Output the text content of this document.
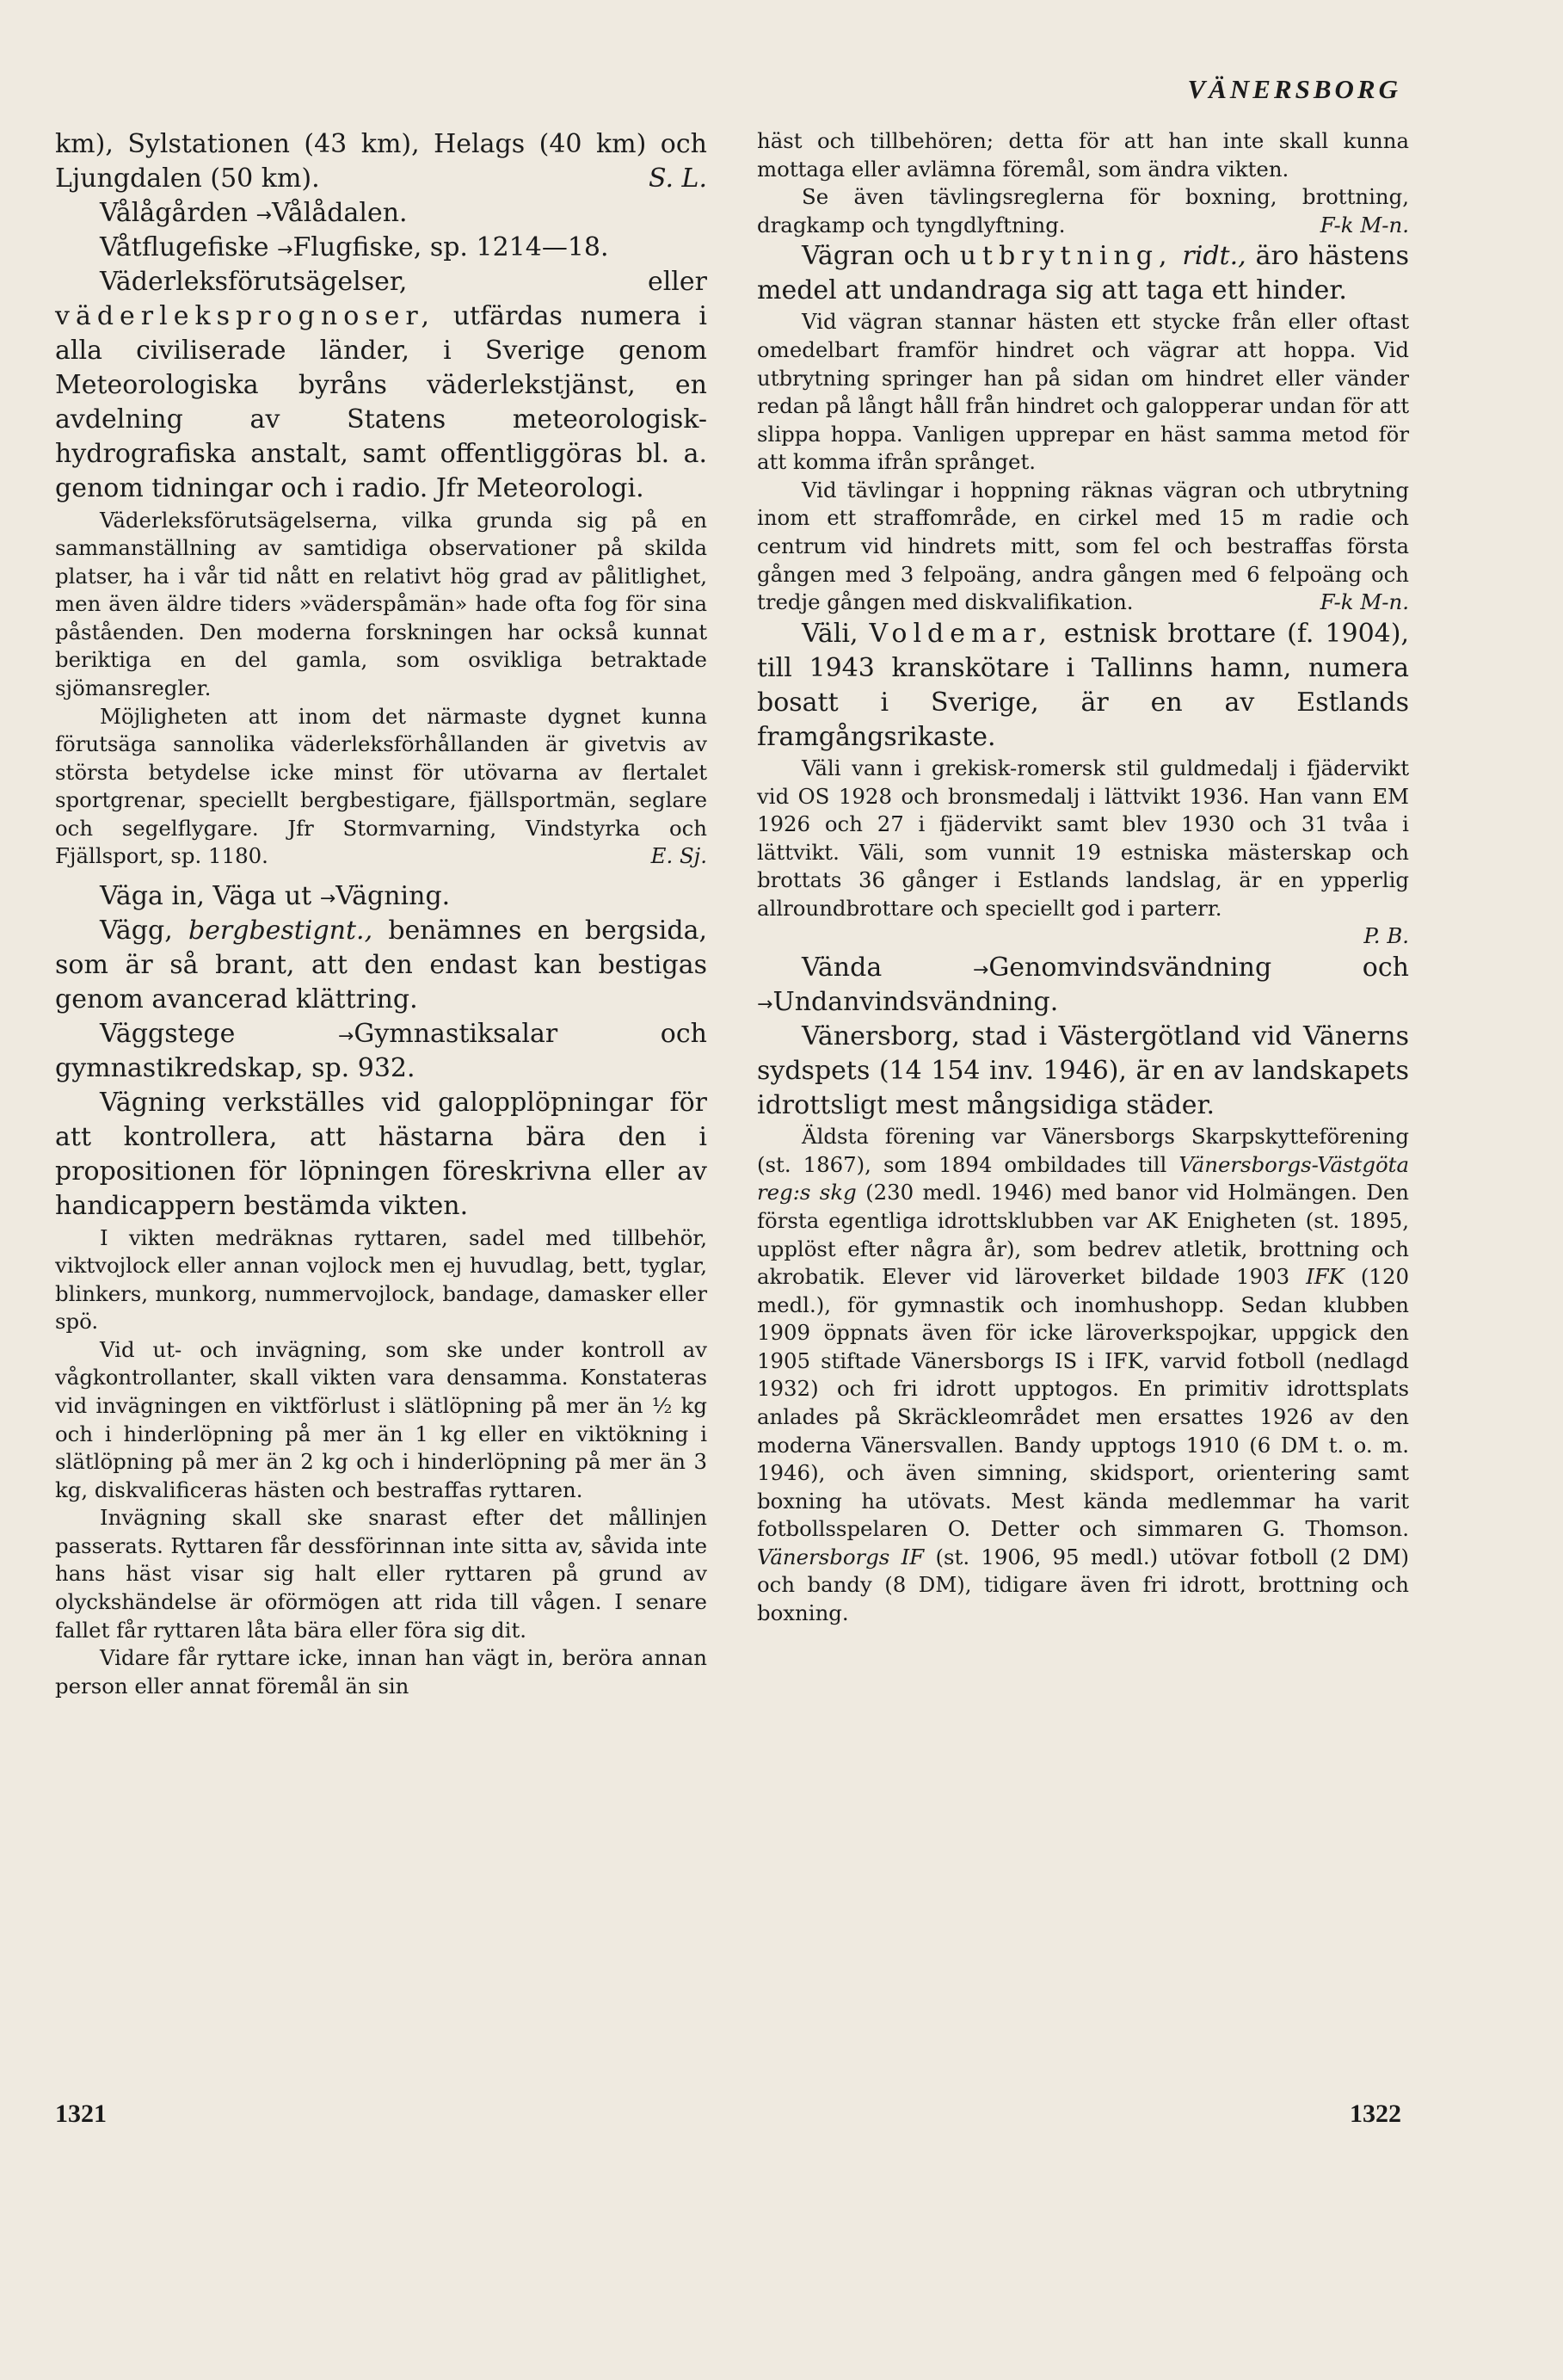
VÄNERSBORG

km), Sylstationen (43 km), Helags (40 km) och Ljungdalen (50 km).	S. L.

Vålågården →Vålådalen.

Våtflugefiske →Flugfiske, sp. 1214—18.

Väderleksförutsägelser,	eller väderleksprognoser, utfärdas numera i alla civiliserade länder, i Sverige genom Meteorologiska byråns väderlekstjänst, en avdelning av Statens meteorologisk-hydrografiska anstalt, samt offentliggöras bl. a. genom tidningar och i radio. Jfr Meteorologi.

Väderleksförutsägelserna, vilka grunda sig på en sammanställning av samtidiga observationer på skilda platser, ha i vår tid nått en relativt hög grad av pålitlighet, men även äldre tiders »väderspåmän» hade ofta fog för sina påståenden. Den moderna forskningen har också kunnat beriktiga en del gamla, som osvikliga betraktade sjömansregler.

Möjligheten att inom det närmaste dygnet kunna förutsäga sannolika väderleksförhållanden är givetvis av största betydelse icke minst för utövarna av flertalet sportgrenar, speciellt bergbestigare, fjällsportmän, seglare och segelflygare. Jfr Stormvarning, Vindstyrka och Fjällsport, sp. 1180.	E. Sj.

Väga in, Väga ut →Vägning.

Vägg, bergbestignt., benämnes en bergsida, som är så brant, att den endast kan bestigas genom avancerad klättring.

Väggstege	→Gymnastiksalar och gymnastikredskap, sp. 932.

Vägning verkställes vid galopplöpningar för att kontrollera, att hästarna bära den i propositionen för löpningen föreskrivna eller av handicappern bestämda vikten.

I vikten medräknas ryttaren, sadel med tillbehör, viktvojlock eller annan vojlock men ej huvudlag, bett, tyglar, blinkers, munkorg, nummervojlock, bandage, damasker eller spö.

Vid ut- och invägning, som ske under kontroll av vågkontrollanter, skall vikten vara densamma. Konstateras vid invägningen en viktförlust i slätlöpning på mer än ½ kg och i hinderlöpning på mer än 1 kg eller en viktökning i slätlöpning på mer än 2 kg och i hinderlöpning på mer än 3 kg, diskvalificeras hästen och bestraffas ryttaren.

Invägning skall ske snarast efter det mållinjen passerats. Ryttaren får dessförinnan inte sitta av, såvida inte hans häst visar sig halt eller ryttaren på grund av olyckshändelse är oförmögen att rida till vågen. I senare fallet får ryttaren låta bära eller föra sig dit.

Vidare får ryttare icke, innan han vägt in, beröra annan person eller annat föremål än sin

häst och tillbehören; detta för att han inte skall kunna mottaga eller avlämna föremål, som ändra vikten.

Se även tävlingsreglerna för boxning, brottning, dragkamp och tyngdlyftning.	F-k M-n.

Vägran och utbrytning, ridt., äro hästens medel att undandraga sig att taga ett hinder.

Vid vägran stannar hästen ett stycke från eller oftast omedelbart framför hindret och vägrar att hoppa. Vid utbrytning springer han på sidan om hindret eller vänder redan på långt håll från hindret och galopperar undan för att slippa hoppa. Vanligen upprepar en häst samma metod för att komma ifrån språnget.

Vid tävlingar i hoppning räknas vägran och utbrytning inom ett straffområde, en cirkel med 15 m radie och centrum vid hindrets mitt, som fel och bestraffas första gången med 3 felpoäng, andra gången med 6 felpoäng och tredje gången med diskvalifikation.	F-k M-n.

Väli, Voldemar, estnisk brottare (f. 1904), till 1943 kranskötare i Tallinns hamn, numera bosatt i Sverige, är en av Estlands framgångsrikaste.

Väli vann i grekisk-romersk stil guldmedalj i fjädervikt vid OS 1928 och bronsmedalj i lättvikt 1936. Han vann EM 1926 och 27 i fjädervikt samt blev 1930 och 31 tvåa i lättvikt. Väli, som vunnit 19 estniska mästerskap och brottats 36 gånger i Estlands landslag, är en ypperlig allroundbrottare och speciellt god i parterr.

P. B.

Vända	→Genomvindsvändning och →Undanvindsvändning.

Vänersborg, stad i Västergötland vid Vänerns sydspets (14 154 inv. 1946), är en av landskapets idrottsligt mest mångsidiga städer.

Äldsta förening var Vänersborgs Skarpskytteförening (st. 1867), som 1894 ombildades till Vänersborgs-Västgöta reg:s skg (230 medl. 1946) med banor vid Holmängen. Den första egentliga idrottsklubben var AK Enigheten (st. 1895, upplöst efter några år), som bedrev atletik, brottning och akrobatik. Elever vid läroverket bildade 1903 IFK (120 medl.), för gymnastik och inomhushopp. Sedan klubben 1909 öppnats även för icke läroverkspojkar, uppgick den 1905 stiftade Vänersborgs IS i IFK, varvid fotboll (nedlagd 1932) och fri idrott upptogos. En primitiv idrottsplats anlades på Skräckleområdet men ersattes 1926 av den moderna Vänersvallen. Bandy upptogs 1910 (6 DM t. o. m. 1946), och även simning, skidsport, orientering samt boxning ha utövats. Mest kända medlemmar ha varit fotbollsspelaren O. Detter och simmaren G. Thomson. Vänersborgs IF (st. 1906, 95 medl.) utövar fotboll (2 DM) och bandy (8 DM), tidigare även fri idrott, brottning och boxning.

1321	1322
